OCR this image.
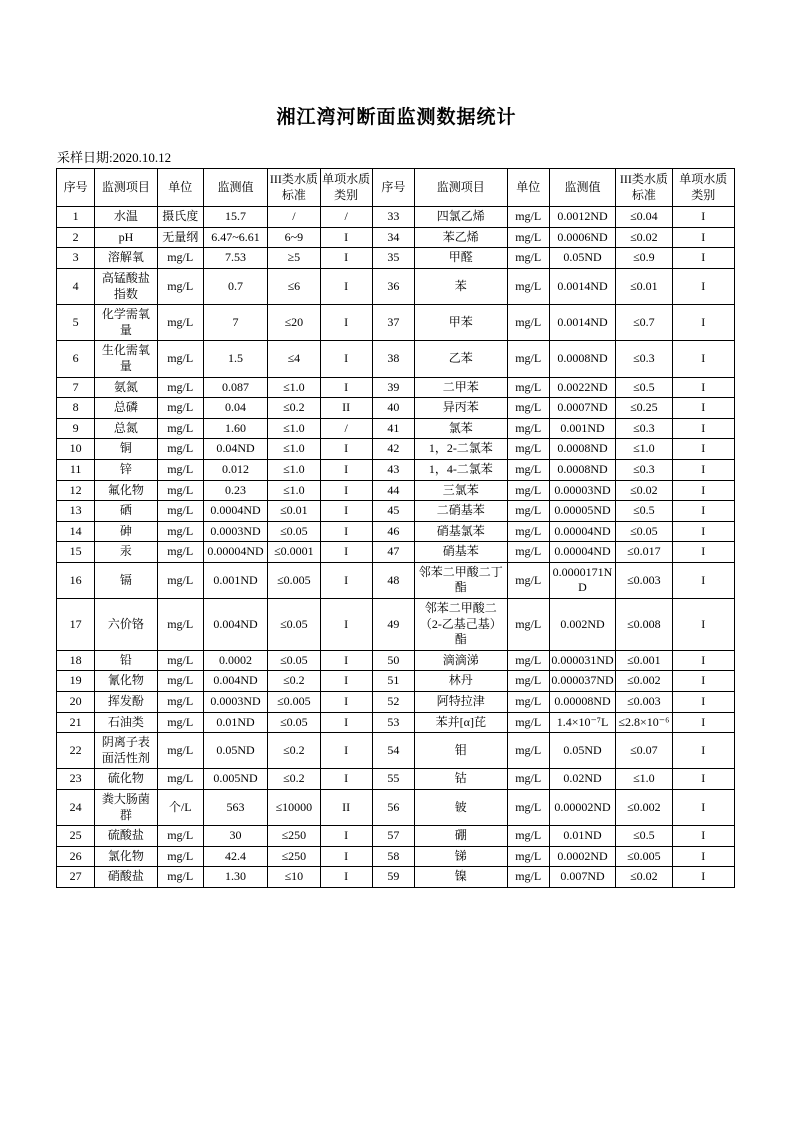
湘江湾河断面监测数据统计
采样日期:2020.10.12
序号	监测项目	单位	监测值	III类水质标准	单项水质类别	序号	监测项目	单位	监测值	III类水质标准	单项水质类别
1	水温	摄氏度	15.7	/	/	33	四氯乙烯	mg/L	0.0012ND	≤0.04	I
2	pH	无量纲	6.47~6.61	6~9	I	34	苯乙烯	mg/L	0.0006ND	≤0.02	I
3	溶解氧	mg/L	7.53	≥5	I	35	甲醛	mg/L	0.05ND	≤0.9	I
4	高锰酸盐指数	mg/L	0.7	≤6	I	36	苯	mg/L	0.0014ND	≤0.01	I
5	化学需氧量	mg/L	7	≤20	I	37	甲苯	mg/L	0.0014ND	≤0.7	I
6	生化需氧量	mg/L	1.5	≤4	I	38	乙苯	mg/L	0.0008ND	≤0.3	I
7	氨氮	mg/L	0.087	≤1.0	I	39	二甲苯	mg/L	0.0022ND	≤0.5	I
8	总磷	mg/L	0.04	≤0.2	II	40	异丙苯	mg/L	0.0007ND	≤0.25	I
9	总氮	mg/L	1.60	≤1.0	/	41	氯苯	mg/L	0.001ND	≤0.3	I
10	铜	mg/L	0.04ND	≤1.0	I	42	1，2-二氯苯	mg/L	0.0008ND	≤1.0	I
11	锌	mg/L	0.012	≤1.0	I	43	1，4-二氯苯	mg/L	0.0008ND	≤0.3	I
12	氟化物	mg/L	0.23	≤1.0	I	44	三氯苯	mg/L	0.00003ND	≤0.02	I
13	硒	mg/L	0.0004ND	≤0.01	I	45	二硝基苯	mg/L	0.00005ND	≤0.5	I
14	砷	mg/L	0.0003ND	≤0.05	I	46	硝基氯苯	mg/L	0.00004ND	≤0.05	I
15	汞	mg/L	0.00004ND	≤0.0001	I	47	硝基苯	mg/L	0.00004ND	≤0.017	I
16	镉	mg/L	0.001ND	≤0.005	I	48	邻苯二甲酸二丁酯	mg/L	0.0000171ND	≤0.003	I
17	六价铬	mg/L	0.004ND	≤0.05	I	49	邻苯二甲酸二（2-乙基己基）酯	mg/L	0.002ND	≤0.008	I
18	铅	mg/L	0.0002	≤0.05	I	50	滴滴涕	mg/L	0.000031ND	≤0.001	I
19	氰化物	mg/L	0.004ND	≤0.2	I	51	林丹	mg/L	0.000037ND	≤0.002	I
20	挥发酚	mg/L	0.0003ND	≤0.005	I	52	阿特拉津	mg/L	0.00008ND	≤0.003	I
21	石油类	mg/L	0.01ND	≤0.05	I	53	苯并[α]芘	mg/L	1.4×10⁻⁷L	≤2.8×10⁻⁶	I
22	阴离子表面活性剂	mg/L	0.05ND	≤0.2	I	54	钼	mg/L	0.05ND	≤0.07	I
23	硫化物	mg/L	0.005ND	≤0.2	I	55	钴	mg/L	0.02ND	≤1.0	I
24	粪大肠菌群	个/L	563	≤10000	II	56	铍	mg/L	0.00002ND	≤0.002	I
25	硫酸盐	mg/L	30	≤250	I	57	硼	mg/L	0.01ND	≤0.5	I
26	氯化物	mg/L	42.4	≤250	I	58	锑	mg/L	0.0002ND	≤0.005	I
27	硝酸盐	mg/L	1.30	≤10	I	59	镍	mg/L	0.007ND	≤0.02	I
